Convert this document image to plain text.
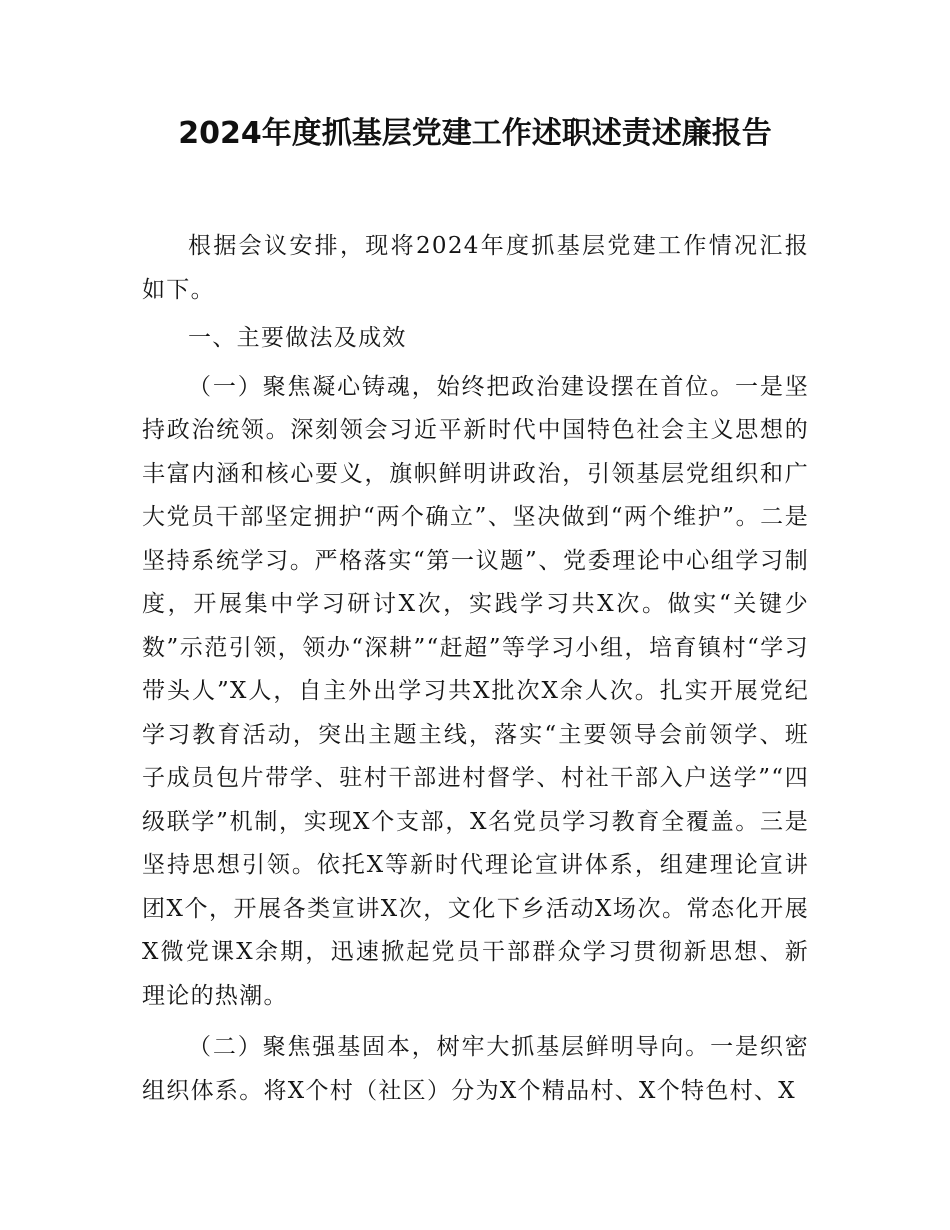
2024年度抓基层党建工作述职述责述廉报告

根据会议安排，现将2024年度抓基层党建工作情况汇报如下。

一、主要做法及成效

（一）聚焦凝心铸魂，始终把政治建设摆在首位。一是坚持政治统领。深刻领会习近平新时代中国特色社会主义思想的丰富内涵和核心要义，旗帜鲜明讲政治，引领基层党组织和广大党员干部坚定拥护“两个确立”、坚决做到“两个维护”。二是坚持系统学习。严格落实“第一议题”、党委理论中心组学习制度，开展集中学习研讨X次，实践学习共X次。做实“关键少数”示范引领，领办“深耕”“赶超”等学习小组，培育镇村“学习带头人”X人，自主外出学习共X批次X余人次。扎实开展党纪学习教育活动，突出主题主线，落实“主要领导会前领学、班子成员包片带学、驻村干部进村督学、村社干部入户送学”“四级联学”机制，实现X个支部，X名党员学习教育全覆盖。三是坚持思想引领。依托X等新时代理论宣讲体系，组建理论宣讲团X个，开展各类宣讲X次，文化下乡活动X场次。常态化开展X微党课X余期，迅速掀起党员干部群众学习贯彻新思想、新理论的热潮。

（二）聚焦强基固本，树牢大抓基层鲜明导向。一是织密组织体系。将X个村（社区）分为X个精品村、X个特色村、X
